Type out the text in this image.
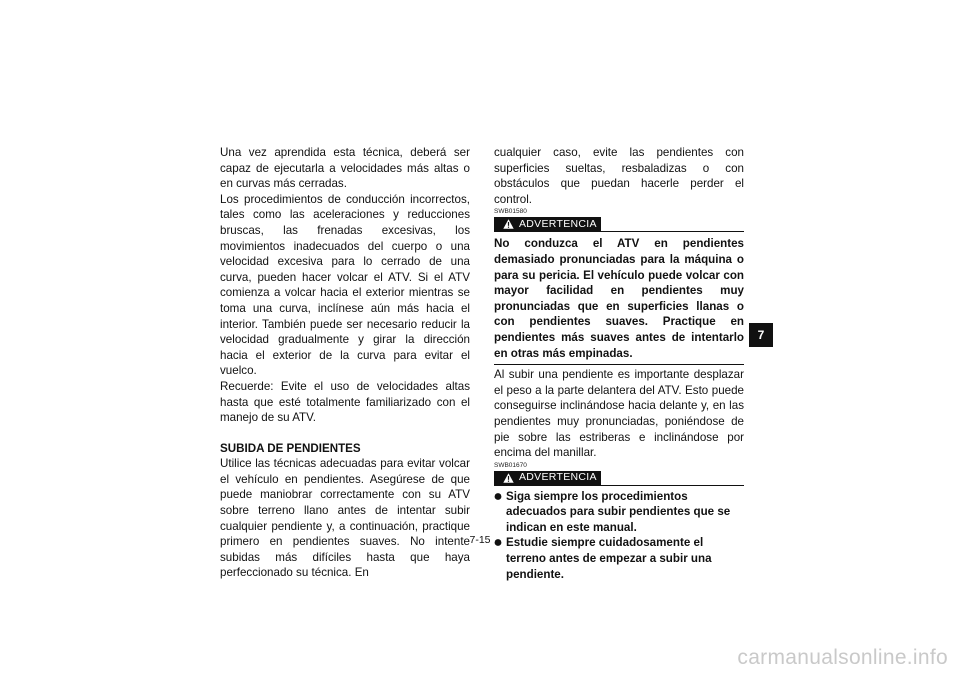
Una vez aprendida esta técnica, deberá ser capaz de ejecutarla a velocidades más altas o en curvas más cerradas.

Los procedimientos de conducción incorrectos, tales como las aceleraciones y reducciones bruscas, las frenadas excesivas, los movimientos inadecuados del cuerpo o una velocidad excesiva para lo cerrado de una curva, pueden hacer volcar el ATV. Si el ATV comienza a volcar hacia el exterior mientras se toma una curva, inclínese aún más hacia el interior. También puede ser necesario reducir la velocidad gradualmente y girar la dirección hacia el exterior de la curva para evitar el vuelco.

Recuerde: Evite el uso de velocidades altas hasta que esté totalmente familiarizado con el manejo de su ATV.

SUBIDA DE PENDIENTES

Utilice las técnicas adecuadas para evitar volcar el vehículo en pendientes. Asegúrese de que puede maniobrar correctamente con su ATV sobre terreno llano antes de intentar subir cualquier pendiente y, a continuación, practique primero en pendientes suaves. No intente subidas más difíciles hasta que haya perfeccionado su técnica. En

cualquier caso, evite las pendientes con superficies sueltas, resbaladizas o con obstáculos que puedan hacerle perder el control.

SWB01580
ADVERTENCIA

No conduzca el ATV en pendientes demasiado pronunciadas para la máquina o para su pericia. El vehículo puede volcar con mayor facilidad en pendientes muy pronunciadas que en superficies llanas o con pendientes suaves. Practique en pendientes más suaves antes de intentarlo en otras más empinadas.

Al subir una pendiente es importante desplazar el peso a la parte delantera del ATV. Esto puede conseguirse inclinándose hacia delante y, en las pendientes muy pronunciadas, poniéndose de pie sobre las estriberas e inclinándose por encima del manillar.

SWB01670
ADVERTENCIA
Siga siempre los procedimientos adecuados para subir pendientes que se indican en este manual.
Estudie siempre cuidadosamente el terreno antes de empezar a subir una pendiente.
7
7-15
carmanualsonline.info
